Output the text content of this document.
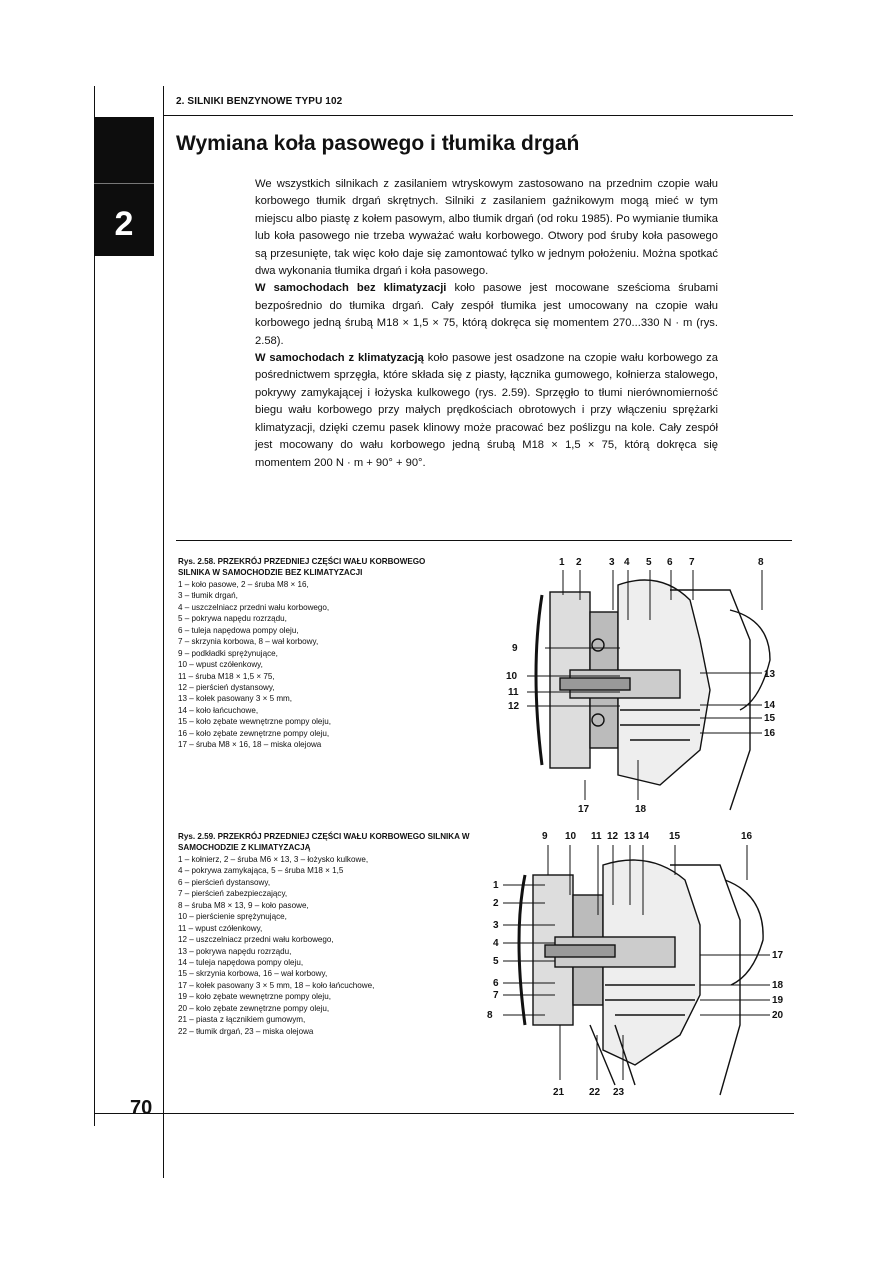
2
2. SILNIKI BENZYNOWE TYPU 102
Wymiana koła pasowego i tłumika drgań

We wszystkich silnikach z zasilaniem wtryskowym zastosowano na przednim czopie wału korbowego tłumik drgań skrętnych. Silniki z zasilaniem gaźnikowym mogą mieć w tym miejscu albo piastę z kołem pasowym, albo tłumik drgań (od roku 1985). Po wymianie tłumika lub koła pasowego nie trzeba wyważać wału korbowego. Otwory pod śruby koła pasowego są przesunięte, tak więc koło daje się zamontować tylko w jednym położeniu. Można spotkać dwa wykonania tłumika drgań i koła pasowego.

W samochodach bez klimatyzacji koło pasowe jest mocowane sześcioma śrubami bezpośrednio do tłumika drgań. Cały zespół tłumika jest umocowany na czopie wału korbowego jedną śrubą M18 × 1,5 × 75, którą dokręca się momentem 270...330 N · m (rys. 2.58).

W samochodach z klimatyzacją koło pasowe jest osadzone na czopie wału korbowego za pośrednictwem sprzęgła, które składa się z piasty, łącznika gumowego, kołnierza stalowego, pokrywy zamykającej i łożyska kulkowego (rys. 2.59). Sprzęgło to tłumi nierównomierność biegu wału korbowego przy małych prędkościach obrotowych i przy włączeniu sprężarki klimatyzacji, dzięki czemu pasek klinowy może pracować bez poślizgu na kole. Cały zespół jest mocowany do wału korbowego jedną śrubą M18 × 1,5 × 75, którą dokręca się momentem 200 N · m + 90° + 90°.

Rys. 2.58. PRZEKRÓJ PRZEDNIEJ CZĘŚCI WAŁU KORBOWEGO SILNIKA W SAMOCHODZIE BEZ KLIMATYZACJI
1 – koło pasowe, 2 – śruba M8 × 16,
3 – tłumik drgań,
4 – uszczelniacz przedni wału korbowego,
5 – pokrywa napędu rozrządu,
6 – tuleja napędowa pompy oleju,
7 – skrzynia korbowa, 8 – wał korbowy,
9 – podkładki sprężynujące,
10 – wpust czółenkowy,
11 – śruba M18 × 1,5 × 75,
12 – pierścień dystansowy,
13 – kołek pasowany 3 × 5 mm,
14 – koło łańcuchowe,
15 – koło zębate wewnętrzne pompy oleju,
16 – koło zębate zewnętrzne pompy oleju,
17 – śruba M8 × 16, 18 – miska olejowa
Rys. 2.59. PRZEKRÓJ PRZEDNIEJ CZĘŚCI WAŁU KORBOWEGO SILNIKA W SAMOCHODZIE Z KLIMATYZACJĄ
1 – kołnierz, 2 – śruba M6 × 13, 3 – łożysko kulkowe,
4 – pokrywa zamykająca, 5 – śruba M18 × 1,5
6 – pierścień dystansowy,
7 – pierścień zabezpieczający,
8 – śruba M8 × 13, 9 – koło pasowe,
10 – pierścienie sprężynujące,
11 – wpust czółenkowy,
12 – uszczelniacz przedni wału korbowego,
13 – pokrywa napędu rozrządu,
14 – tuleja napędowa pompy oleju,
15 – skrzynia korbowa, 16 – wał korbowy,
17 – kołek pasowany 3 × 5 mm, 18 – koło łańcuchowe,
19 – koło zębate wewnętrzne pompy oleju,
20 – koło zębate zewnętrzne pompy oleju,
21 – piasta z łącznikiem gumowym,
22 – tłumik drgań, 23 – miska olejowa
1 2	3 4 5 6 7	8
9
10
11
12
13
14
15
16
17	18
9 10 11 12 13 14 15	16
1
2
3
4
5
6
7
8
17
18
19
20
21 22 23
70
